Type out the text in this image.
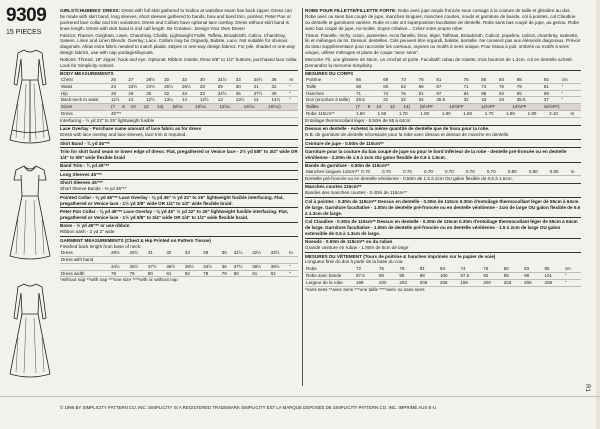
9309
15 PIECES
GIRLS'/CHUBBIES' DRESS: Dress with full skirt gathered to bodice at waistline seam has back zipper. Dress can be made with skirt band, long sleeves, short sleeves gathered to bands, bow and band trim, pointed, Peter Pan or puckered lace collar and trim variations. Dress and Collars have optional lace overlay. Dress without skirt band is knee length. Dress with skirt band is mid calf length. Be Creative...Design Your Own Dress!
Fabrics: Flannel, Gingham, Lawn, Chambray, Challis, Lightweight Faille, Taffeta, Broadcloth, Calico. Chambray, Sateen. Linen and Linen Blends. Overlay: Lace. Collars may be Organdy, Batiste, Lace. Not suitable for obvious diagonals. Allow extra fabric needed to match plaids, stripes or one-way design fabrics. For pile, shaded or one-way design fabrics, use with nap yardages/layouts.
Notions: Thread, 18" zipper, hook and eye. Optional: Ribbon rosette, three 5/8" to 1/2" buttons, purchased lace collar. Look for Simplicity notions.
BODY MEASUREMENTS
Chest	26	27	28½	30	32	30	31½	33	34½	36	In
Waist	23	23½	24½	25½	26½	28	29	30	31	32	"
Hip	28	29	30	32	34	33	34½	36	37½	39	"
Back-neck to waist	11½	12	12½	13¼	14	12½	13	13½	14	14½	"
Sizes	(7	8	10	12	14)	(8½c	10½c	12½c	14½c	16½c)	
Dress	45"**										
Interfacing - ½ yd 22" to 25" lightweight fusible
Lace Overlay - Purchase same amount of lace fabric as for dress
Dress with lace overlay and lace sleeves, lace trim is required.
Skirt Band - ¾ yd 45"**
Trim for skirt band seam or lower edge of dress: Flat, pregathered or Venice lace - 2½ yd 5/8" to 3/4" wide OR 1/4" to 5/8" wide flexible braid
Band Trim - ¾ yd 45"**
Long Sleeves 45"**
Short Sleeves 45"**
Short Sleeve Bands - ⅜ yd 45"**
Pointed Collar - ⅜ yd 45"** Lace Overlay - ⅜ yd 45" ½ yd 22" to 25" lightweight fusible interfacing. Flat, pregathered or Venice lace - 1½ yd 3/8" wide OR 1/4" to 1/2" wide flexible braid.
Peter Pan Collar - ⅜ yd 45"** Lace Overlay - ⅜ yd 45" ½ yd 22" to 25" lightweight fusible interfacing. Flat, pregathered or Venice lace - 1½ yd 5/8" to 3/4" wide OR 1/4" to 1/2" wide flexible braid.
Bows - ½ yd 45"** or use ribbon
Ribbon sash - 2 yd 2" wide
GARMENT MEASUREMENTS (Chest & Hip Printed on Pattern Tissue)
Finished back length from base of neck:
Dress	28½	29½	31	32	33	29	30	31½	32½	33½	In
Dress with band											
	34½	35½	37½	38½	39½	34½	36	37½	38½	39½	"
Dress width	78	79	80	81	82	78	79	80	81	82	"
*without nap **with nap ***one size ****with or without nap
ROBE POUR FILLETTE/FILLETTE FORTE: Robe avec jupe ample froncée sous corsage à la couture de taille et glissière au dos. Robe avec ou sans bas coupé de jupe, manches longues, manches courtes, nouds et garniture de bande, col à pointes, col Claudine ou dentelle et garnitures variées. Robe et cols ont superposition facultative de dentelle. Robe sans bas coupé de jupe, au genou. Robe avec bas coupé de jupe, mi-mollet. Soyez créative... Créez votre propre robe!
Tissus: Flanelle, Vichy, coton, pontentee, ecos flanelle, linon, léger, Taffetas, Broadcloth, Calicot, popeline, calicot, chambray, satinette, lin et mélanges de lin. Dessus: dentelles. Cols peuvent être organdi, batiste, dentelle. Ne convient pas aux éléments diagonaux. Prévoir du tissu supplémentaire pour raccorder les carreaux, rayures ou motifs à sens unique. Pour tissus à poil, ombrés ou motifs à sens unique, utiliser métrages et plans de coupe "avec sens".
Mercerie: Fil, une glissière de 45cm, un crochet et porte. Facultatif: ruban de rosette, trois boutons de 1.3cm, col en dentelle acheté. Demandez la mercerie Simplicity.
MESURES DU CORPS
Poitrine	66	69	73	76	81	76	80	84	88	92	cm
Taille	58	60	62	65	67	71	74	76	79	81	"
Hanches	71	74	76	81	87	84	88	92	95	99	"
Dos (encolure à taille)	29.5	31	32	34	35.5	32	33	34	35.5	37	"
Tailles	(7	8	10	12	14)	(8½FF	10½FF	12½FF	14½FF	16½FF)	
Robe 115cm**	1.60	1.60	1.70	1.80	1.90	1.60	1.70	1.80	1.90	2.10	m
Entoilage thermocollant léger - 0.50m de 55 à 64cm
Dessus en dentelle - Achetez la même quantité de dentelle que de tissu pour la robe.
N.B. de garniture de dentelle nécessaire pour la robe avec dessus et dessus de manche en dentelle.
Ceinture de jupe - 0.50m de 115cm**
Garniture pour la couture du bas coupé de jupe ou pour le bord inférieur de la robe - dentelle pré-froncée ou en dentelle vénitienne - 2.20m de 1.5 à 2cm OU galon flexible de 0.6 à 1.5cm.
Bande de garniture - 0.50m de 115cm**
Manches longues 115cm**	0.70	0.70	0.70	0.70	0.70	0.70	0.70	0.80	0.80	0.80	m
Dentelle pré-froncée ou en dentelle vénitienne - 0.50m de 1.5 à 2cm OU galon flexible de 0.6 à 1.5cm.
Manches courtes 115cm**
Bandes des manches courtes - 0.40m de 115cm**
Col à pointes - 0.30m de 115cm** Dessus en dentelle - 0.30m de 115cm 0.30m d'entoilage thermocollant léger de 55cm à 64cm de large. Garniture facultative - 1.00m de dentelle pré-froncée ou en dentelle vénitienne - 1cm de large OU galon flexible de 0.6 à 1.3cm de large.
Col Claudine - 0.30m de 115cm** Dessus en dentelle - 0.30m de 115cm 0.30m d'entoilage thermocollant léger de 55cm à 64cm de large. Garniture facultative - 1.00m de dentelle pré-froncée ou en dentelle vénitienne - 1.5 à 2cm de large OU galon extensible de 0.6 à 1.3cm de large.
Noeuds - 0.50m de 115cm** ou du ruban
Grande ceinture en ruban - 1.90m de 5cm de large
MESURES DU VÊTEMENT (Tours de poitrine & hanches imprimés sur le papier de soie)
Longueur finie du dos à partir de la base du cou:
Robe	72	75	79	81	84	74	76	80	83	85	cm
Robe avec bande	87.5	90	95	98	100	87.5	92	95	98	101	"
Largeur de la robe	198	200	203	206	208	198	200	203	206	208	"
*sans sens **avec sens ***une taille ****avec ou sans sens
R1
© 1998 BY SIMPLICITY PATTERN CO. INC. SIMPLICITY IS A REGISTERED TRADEMARK SIMPLICITY EST LA MARQUE DEPOSÉE DE SIMPLICITY PATTERN CO. INC. IMPRIMÉ AUX E-U
